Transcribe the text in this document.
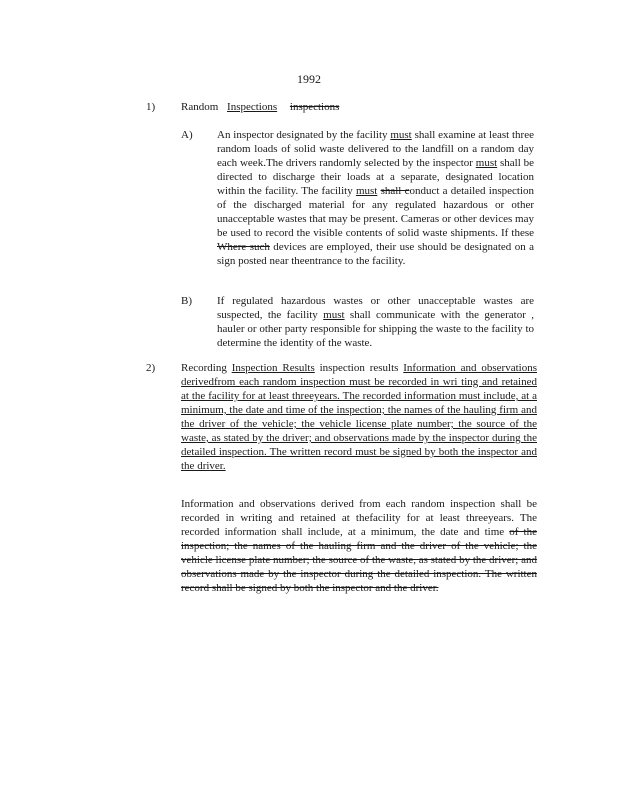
1992
1) Random Inspections inspections
A) An inspector designated by the facility must shall examine at least three random loads of solid waste delivered to the landfill on a random day each week.The drivers randomly selected by the inspector must shall be directed to discharge their loads at a separate, designated location within the facility. The facility must shall conduct a detailed inspection of the discharged material for any regulated hazardous or other unacceptable wastes that may be present. Cameras or other devices may be used to record the visible contents of solid waste shipments. If these Where such devices are employed, their use should be designated on a sign posted near theentrance to the facility.

B) If regulated hazardous wastes or other unacceptable wastes are suspected, the facility must shall communicate with the generator , hauler or other party responsible for shipping the waste to the facility to determine the identity of the waste.

2) Recording Inspection Results inspection results Information and observations derivedfrom each random inspection must be recorded in wri ting and retained at the facility for at least threeyears. The recorded information must include, at a minimum, the date and time of the inspection; the names of the hauling firm and the driver of the vehicle; the vehicle license plate number; the source of the waste, as stated by the driver; and observations made by the inspector during the detailed inspection. The written record must be signed by both the inspector and the driver.

Information and observations derived from each random inspection shall be recorded in writing and retained at thefacility for at least threeyears. The recorded information shall include, at a minimum, the date and time of the inspection; the names of the hauling firm and the driver of the vehicle; the vehicle license plate number; the source of the waste, as stated by the driver; and observations made by the inspector during the detailed inspection. The written record shall be signed by both the inspector and the driver.
